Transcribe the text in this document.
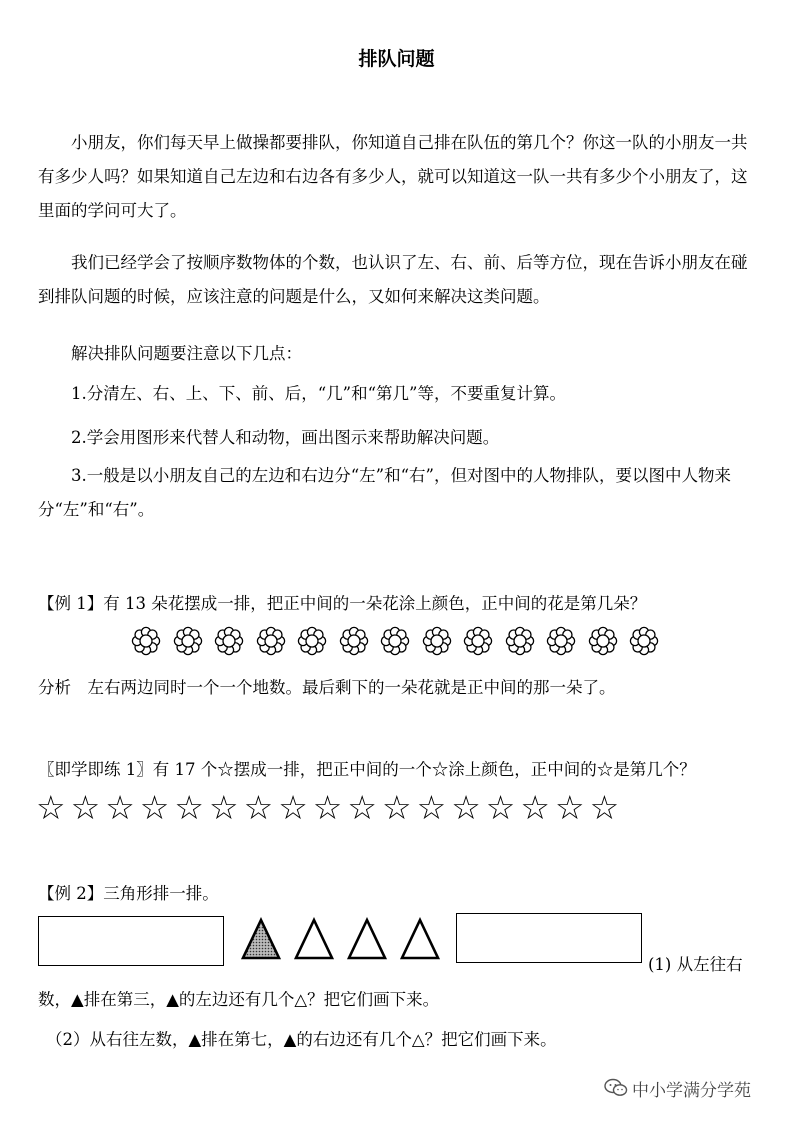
排队问题
小朋友，你们每天早上做操都要排队，你知道自己排在队伍的第几个？你这一队的小朋友一共有多少人吗？如果知道自己左边和右边各有多少人，就可以知道这一队一共有多少个小朋友了，这里面的学问可大了。
我们已经学会了按顺序数物体的个数，也认识了左、右、前、后等方位，现在告诉小朋友在碰到排队问题的时候，应该注意的问题是什么，又如何来解决这类问题。
解决排队问题要注意以下几点：
1.分清左、右、上、下、前、后，“几”和“第几”等，不要重复计算。
2.学会用图形来代替人和动物，画出图示来帮助解决问题。
3.一般是以小朋友自己的左边和右边分“左”和“右”，但对图中的人物排队，要以图中人物来分“左”和“右”。
【例 1】有 13 朵花摆成一排，把正中间的一朵花涂上颜色，正中间的花是第几朵？
分析　左右两边同时一个一个地数。最后剩下的一朵花就是正中间的那一朵了。
〖即学即练 1〗有 17 个☆摆成一排，把正中间的一个☆涂上颜色，正中间的☆是第几个？
☆ ☆ ☆ ☆ ☆ ☆ ☆ ☆ ☆ ☆ ☆ ☆ ☆ ☆ ☆ ☆ ☆
【例 2】三角形排一排。
(1) 从左往右
数，▲排在第三，▲的左边还有几个△？把它们画下来。
（2）从右往左数，▲排在第七，▲的右边还有几个△？把它们画下来。
中小学满分学苑
